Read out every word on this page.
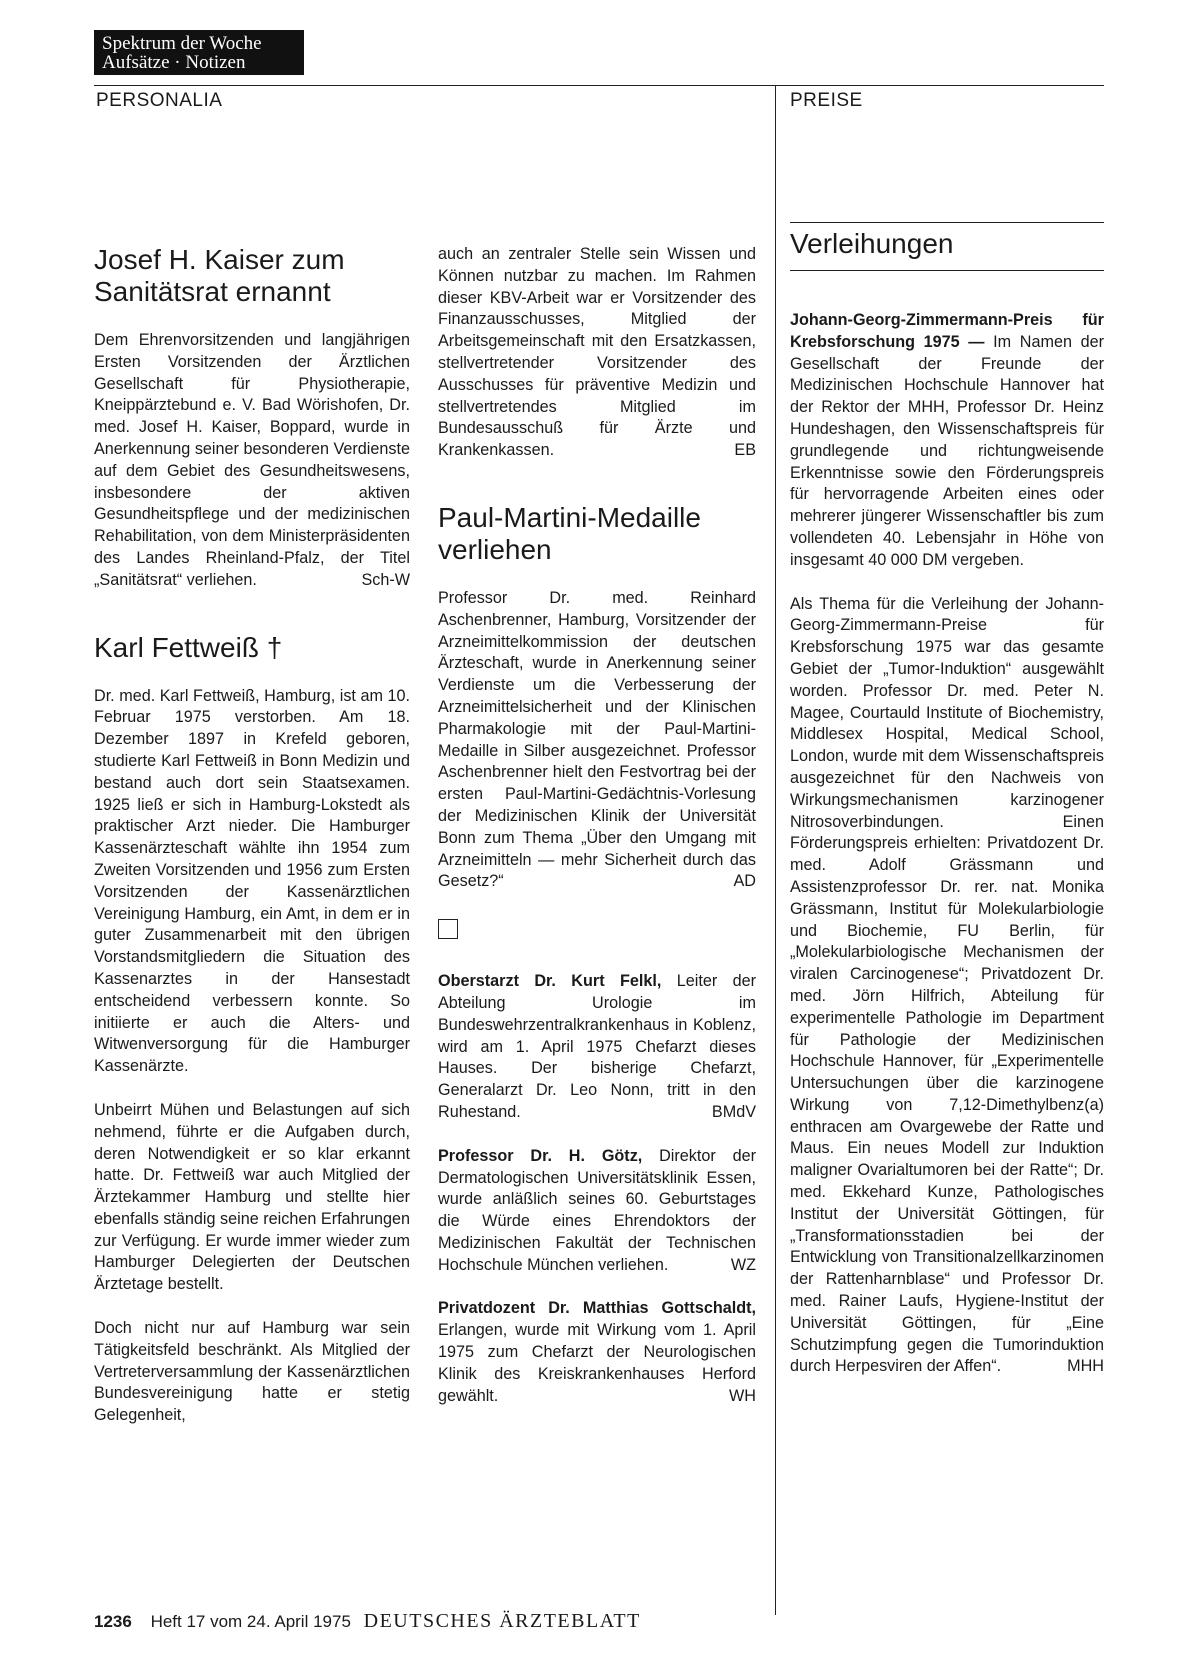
Spektrum der Woche
Aufsätze · Notizen
PERSONALIA	PREISE
Josef H. Kaiser zum Sanitätsrat ernannt

Dem Ehrenvorsitzenden und langjährigen Ersten Vorsitzenden der Ärztlichen Gesellschaft für Physiotherapie, Kneippärztebund e. V. Bad Wörishofen, Dr. med. Josef H. Kaiser, Boppard, wurde in Anerkennung seiner besonderen Verdienste auf dem Gebiet des Gesundheitswesens, insbesondere der aktiven Gesundheitspflege und der medizinischen Rehabilitation, von dem Ministerpräsidenten des Landes Rheinland-Pfalz, der Titel „Sanitätsrat“ verliehen.	Sch-W

Karl Fettweiß †

Dr. med. Karl Fettweiß, Hamburg, ist am 10. Februar 1975 verstorben. Am 18. Dezember 1897 in Krefeld geboren, studierte Karl Fettweiß in Bonn Medizin und bestand auch dort sein Staatsexamen. 1925 ließ er sich in Hamburg-Lokstedt als praktischer Arzt nieder. Die Hamburger Kassenärzteschaft wählte ihn 1954 zum Zweiten Vorsitzenden und 1956 zum Ersten Vorsitzenden der Kassenärztlichen Vereinigung Hamburg, ein Amt, in dem er in guter Zusammenarbeit mit den übrigen Vorstandsmitgliedern die Situation des Kassenarztes in der Hansestadt entscheidend verbessern konnte. So initiierte er auch die Alters- und Witwenversorgung für die Hamburger Kassenärzte.

Unbeirrt Mühen und Belastungen auf sich nehmend, führte er die Aufgaben durch, deren Notwendigkeit er so klar erkannt hatte. Dr. Fettweiß war auch Mitglied der Ärztekammer Hamburg und stellte hier ebenfalls ständig seine reichen Erfahrungen zur Verfügung. Er wurde immer wieder zum Hamburger Delegierten der Deutschen Ärztetage bestellt.

Doch nicht nur auf Hamburg war sein Tätigkeitsfeld beschränkt. Als Mitglied der Vertreterversammlung der Kassenärztlichen Bundesvereinigung hatte er stetig Gelegenheit,

auch an zentraler Stelle sein Wissen und Können nutzbar zu machen. Im Rahmen dieser KBV-Arbeit war er Vorsitzender des Finanzausschusses, Mitglied der Arbeitsgemeinschaft mit den Ersatzkassen, stellvertretender Vorsitzender des Ausschusses für präventive Medizin und stellvertretendes Mitglied im Bundesausschuß für Ärzte und Krankenkassen.	EB

Paul-Martini-Medaille verliehen

Professor Dr. med. Reinhard Aschenbrenner, Hamburg, Vorsitzender der Arzneimittelkommission der deutschen Ärzteschaft, wurde in Anerkennung seiner Verdienste um die Verbesserung der Arzneimittelsicherheit und der Klinischen Pharmakologie mit der Paul-Martini-Medaille in Silber ausgezeichnet. Professor Aschenbrenner hielt den Festvortrag bei der ersten Paul-Martini-Gedächtnis-Vorlesung der Medizinischen Klinik der Universität Bonn zum Thema „Über den Umgang mit Arzneimitteln — mehr Sicherheit durch das Gesetz?“	AD

Oberstarzt Dr. Kurt Felkl, Leiter der Abteilung Urologie im Bundeswehrzentralkrankenhaus in Koblenz, wird am 1. April 1975 Chefarzt dieses Hauses. Der bisherige Chefarzt, Generalarzt Dr. Leo Nonn, tritt in den Ruhestand.	BMdV

Professor Dr. H. Götz, Direktor der Dermatologischen Universitätsklinik Essen, wurde anläßlich seines 60. Geburtstages die Würde eines Ehrendoktors der Medizinischen Fakultät der Technischen Hochschule München verliehen.	WZ

Privatdozent Dr. Matthias Gottschaldt, Erlangen, wurde mit Wirkung vom 1. April 1975 zum Chefarzt der Neurologischen Klinik des Kreiskrankenhauses Herford gewählt.	WH

Verleihungen

Johann-Georg-Zimmermann-Preis für Krebsforschung 1975 — Im Namen der Gesellschaft der Freunde der Medizinischen Hochschule Hannover hat der Rektor der MHH, Professor Dr. Heinz Hundeshagen, den Wissenschaftspreis für grundlegende und richtungweisende Erkenntnisse sowie den Förderungspreis für hervorragende Arbeiten eines oder mehrerer jüngerer Wissenschaftler bis zum vollendeten 40. Lebensjahr in Höhe von insgesamt 40 000 DM vergeben.

Als Thema für die Verleihung der Johann-Georg-Zimmermann-Preise für Krebsforschung 1975 war das gesamte Gebiet der „Tumor-Induktion“ ausgewählt worden. Professor Dr. med. Peter N. Magee, Courtauld Institute of Biochemistry, Middlesex Hospital, Medical School, London, wurde mit dem Wissenschaftspreis ausgezeichnet für den Nachweis von Wirkungsmechanismen karzinogener Nitrosoverbindungen. Einen Förderungspreis erhielten: Privatdozent Dr. med. Adolf Grässmann und Assistenzprofessor Dr. rer. nat. Monika Grässmann, Institut für Molekularbiologie und Biochemie, FU Berlin, für „Molekularbiologische Mechanismen der viralen Carcinogenese“; Privatdozent Dr. med. Jörn Hilfrich, Abteilung für experimentelle Pathologie im Department für Pathologie der Medizinischen Hochschule Hannover, für „Experimentelle Untersuchungen über die karzinogene Wirkung von 7,12-Dimethylbenz(a) enthracen am Ovargewebe der Ratte und Maus. Ein neues Modell zur Induktion maligner Ovarialtumoren bei der Ratte“; Dr. med. Ekkehard Kunze, Pathologisches Institut der Universität Göttingen, für „Transformationsstadien bei der Entwicklung von Transitionalzellkarzinomen der Rattenharnblase“ und Professor Dr. med. Rainer Laufs, Hygiene-Institut der Universität Göttingen, für „Eine Schutzimpfung gegen die Tumorinduktion durch Herpesviren der Affen“.	MHH

1236 Heft 17 vom 24. April 1975 DEUTSCHES ÄRZTEBLATT
